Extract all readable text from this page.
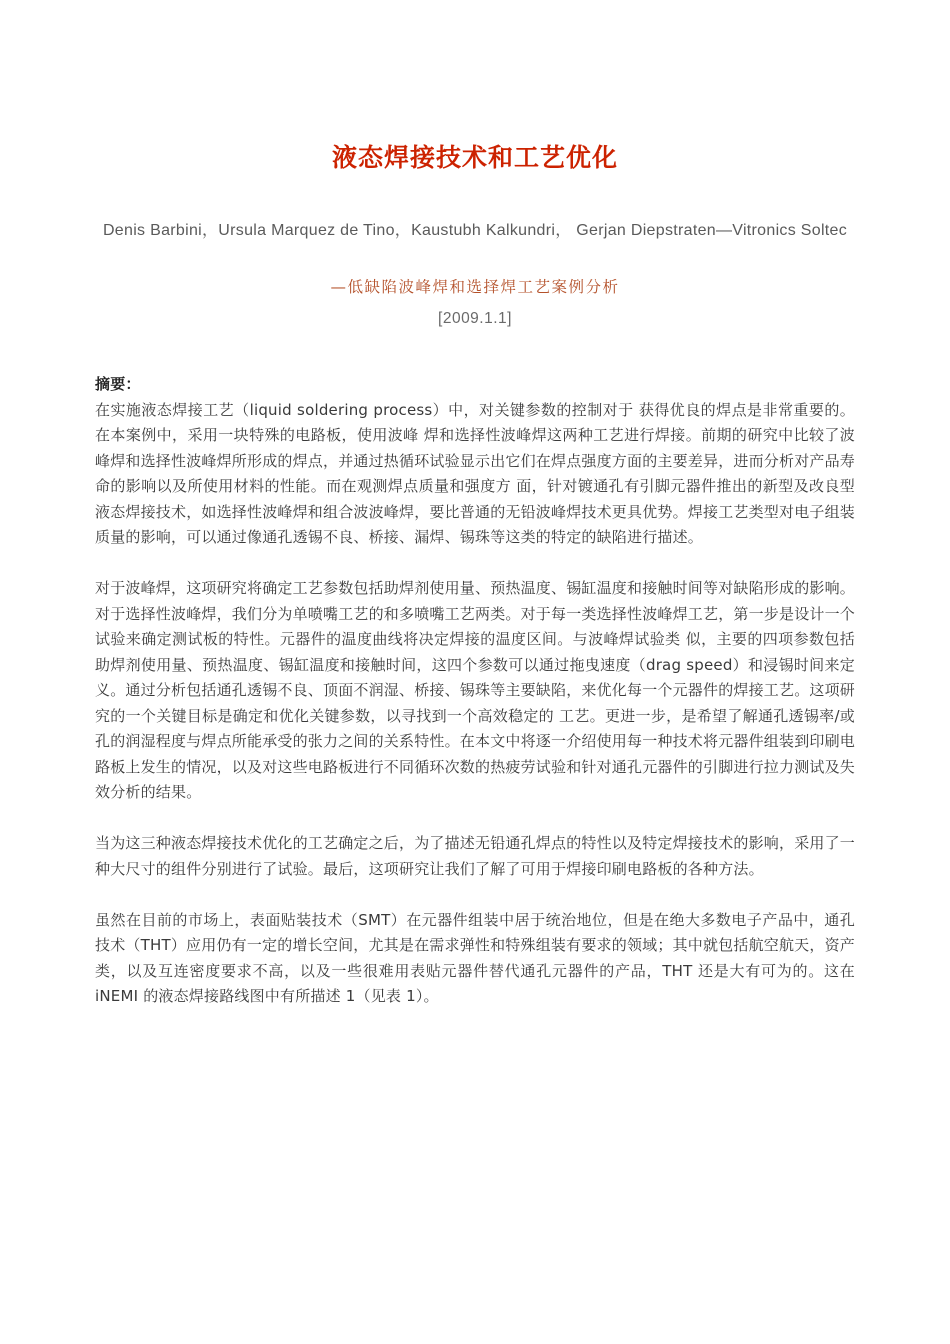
液态焊接技术和工艺优化
Denis Barbini，Ursula Marquez de Tino，Kaustubh Kalkundri， Gerjan Diepstraten—Vitronics Soltec
—低缺陷波峰焊和选择焊工艺案例分析
[2009.1.1]
摘要：

在实施液态焊接工艺（liquid soldering process）中，对关键参数的控制对于 获得优良的焊点是非常重要的。在本案例中，采用一块特殊的电路板，使用波峰 焊和选择性波峰焊这两种工艺进行焊接。前期的研究中比较了波峰焊和选择性波峰焊所形成的焊点，并通过热循环试验显示出它们在焊点强度方面的主要差异，进而分析对产品寿命的影响以及所使用材料的性能。而在观测焊点质量和强度方 面，针对镀通孔有引脚元器件推出的新型及改良型液态焊接技术，如选择性波峰焊和组合波波峰焊，要比普通的无铅波峰焊技术更具优势。焊接工艺类型对电子组装质量的影响，可以通过像通孔透锡不良、桥接、漏焊、锡珠等这类的特定的缺陷进行描述。

对于波峰焊，这项研究将确定工艺参数包括助焊剂使用量、预热温度、锡缸温度和接触时间等对缺陷形成的影响。对于选择性波峰焊，我们分为单喷嘴工艺的和多喷嘴工艺两类。对于每一类选择性波峰焊工艺，第一步是设计一个试验来确定测试板的特性。元器件的温度曲线将决定焊接的温度区间。与波峰焊试验类 似，主要的四项参数包括助焊剂使用量、预热温度、锡缸温度和接触时间，这四个参数可以通过拖曳速度（drag speed）和浸锡时间来定义。通过分析包括通孔透锡不良、顶面不润湿、桥接、锡珠等主要缺陷，来优化每一个元器件的焊接工艺。这项研究的一个关键目标是确定和优化关键参数，以寻找到一个高效稳定的 工艺。更进一步，是希望了解通孔透锡率/或孔的润湿程度与焊点所能承受的张力之间的关系特性。在本文中将逐一介绍使用每一种技术将元器件组装到印刷电路板上发生的情况，以及对这些电路板进行不同循环次数的热疲劳试验和针对通孔元器件的引脚进行拉力测试及失效分析的结果。

当为这三种液态焊接技术优化的工艺确定之后，为了描述无铅通孔焊点的特性以及特定焊接技术的影响，采用了一种大尺寸的组件分别进行了试验。最后，这项研究让我们了解了可用于焊接印刷电路板的各种方法。

虽然在目前的市场上，表面贴装技术（SMT）在元器件组装中居于统治地位，但是在绝大多数电子产品中，通孔技术（THT）应用仍有一定的增长空间，尤其是在需求弹性和特殊组装有要求的领域；其中就包括航空航天，资产类，以及互连密度要求不高，以及一些很难用表贴元器件替代通孔元器件的产品，THT 还是大有可为的。这在 iNEMI 的液态焊接路线图中有所描述 1（见表 1）。
